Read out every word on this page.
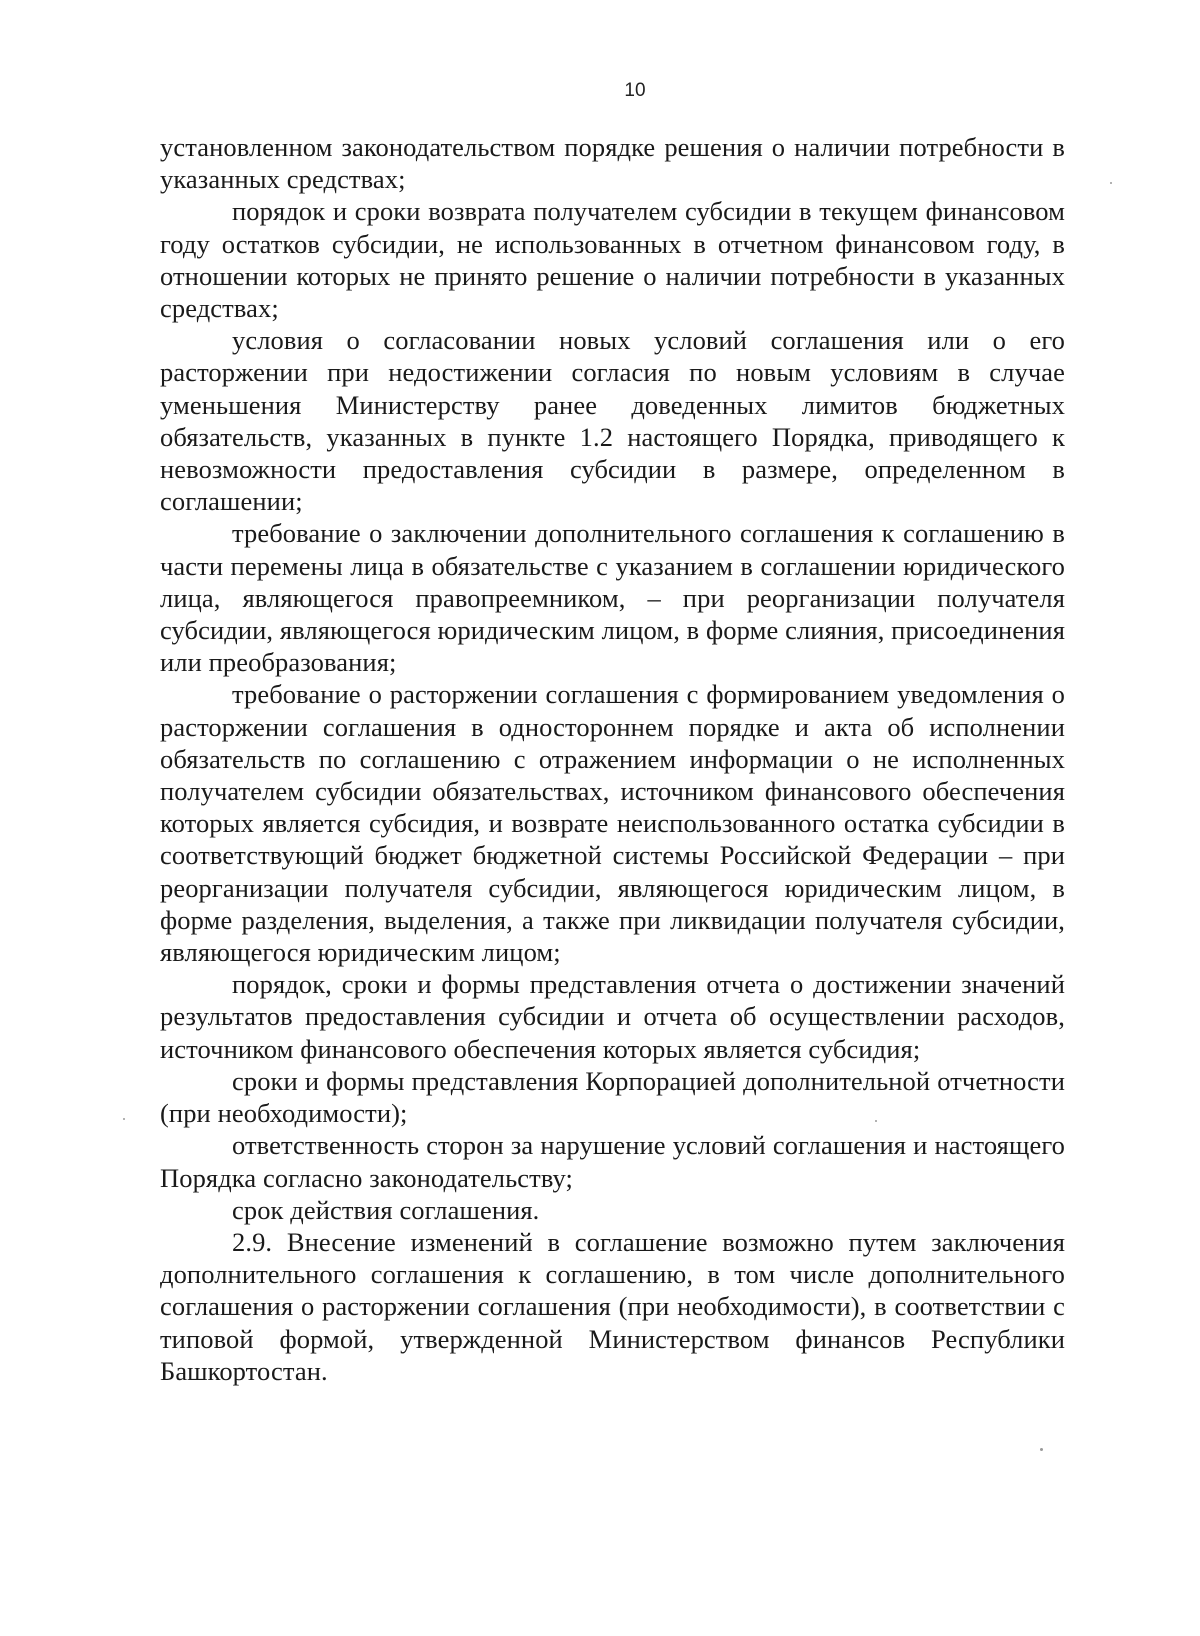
10

установленном законодательством порядке решения о наличии потребности в указанных средствах;

порядок и сроки возврата получателем субсидии в текущем финансовом году остатков субсидии, не использованных в отчетном финансовом году, в отношении которых не принято решение о наличии потребности в указанных средствах;

условия о согласовании новых условий соглашения или о его расторжении при недостижении согласия по новым условиям в случае уменьшения Министерству ранее доведенных лимитов бюджетных обязательств, указанных в пункте 1.2 настоящего Порядка, приводящего к невозможности предоставления субсидии в размере, определенном в соглашении;

требование о заключении дополнительного соглашения к соглашению в части перемены лица в обязательстве с указанием в соглашении юридического лица, являющегося правопреемником, – при реорганизации получателя субсидии, являющегося юридическим лицом, в форме слияния, присоединения или преобразования;

требование о расторжении соглашения с формированием уведомления о расторжении соглашения в одностороннем порядке и акта об исполнении обязательств по соглашению с отражением информации о не исполненных получателем субсидии обязательствах, источником финансового обеспечения которых является субсидия, и возврате неиспользованного остатка субсидии в соответствующий бюджет бюджетной системы Российской Федерации – при реорганизации получателя субсидии, являющегося юридическим лицом, в форме разделения, выделения, а также при ликвидации получателя субсидии, являющегося юридическим лицом;

порядок, сроки и формы представления отчета о достижении значений результатов предоставления субсидии и отчета об осуществлении расходов, источником финансового обеспечения которых является субсидия;

сроки и формы представления Корпорацией дополнительной отчетности (при необходимости);

ответственность сторон за нарушение условий соглашения и настоящего Порядка согласно законодательству;

срок действия соглашения.

2.9. Внесение изменений в соглашение возможно путем заключения дополнительного соглашения к соглашению, в том числе дополнительного соглашения о расторжении соглашения (при необходимости), в соответствии с типовой формой, утвержденной Министерством финансов Республики Башкортостан.
